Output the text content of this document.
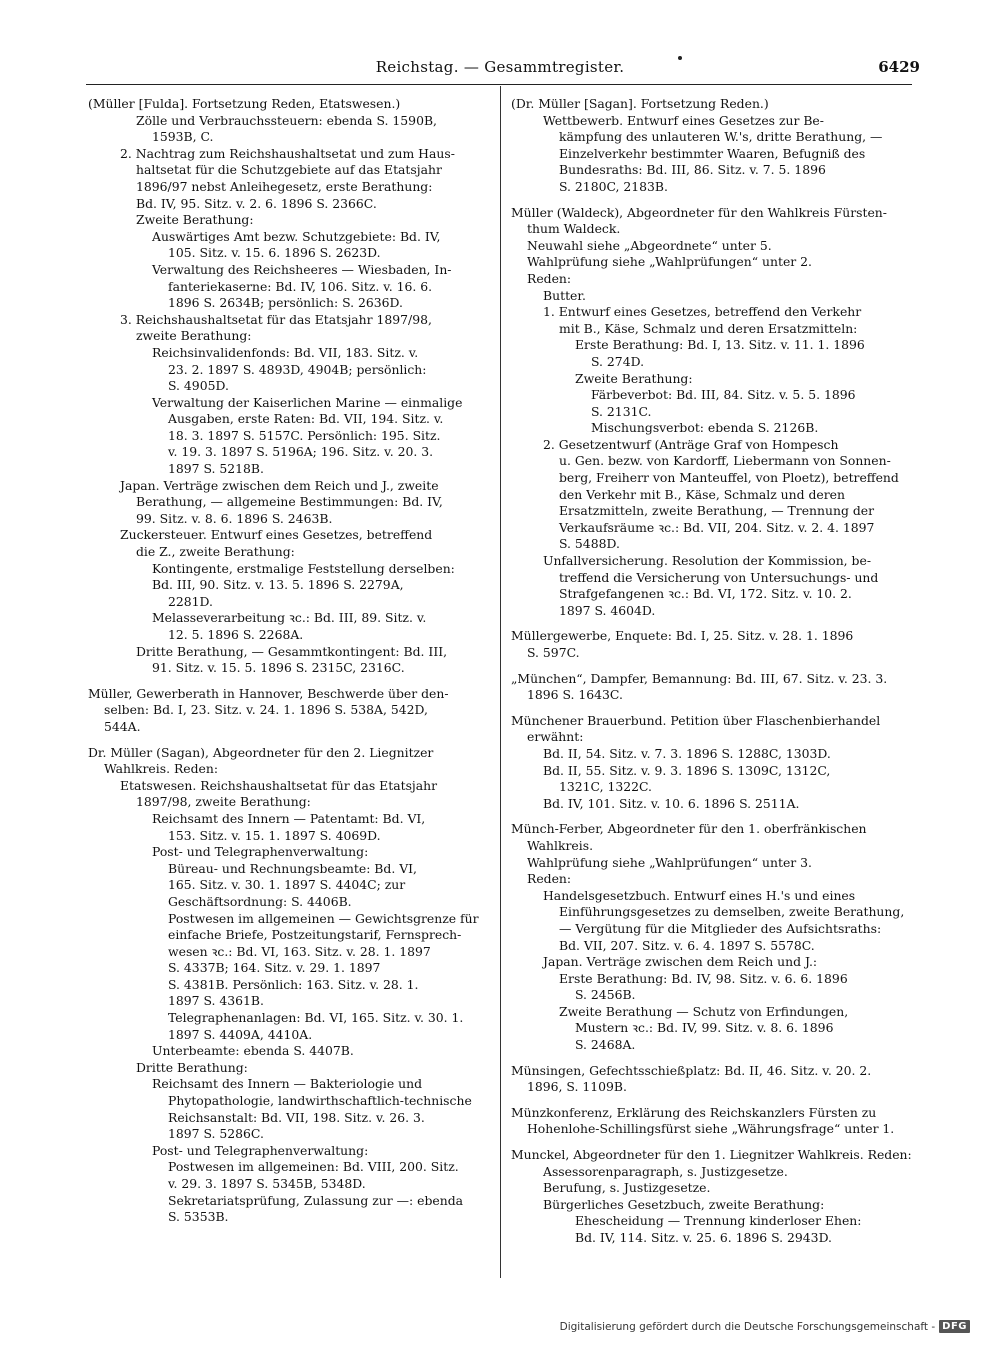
Reichstag. — Gesammtregister.	6429
(Müller [Fulda]. Fortsetzung Reden, Etatswesen.)
Zölle und Verbrauchssteuern: ebenda S. 1590B,
1593B, C.
2. Nachtrag zum Reichshaushaltsetat und zum Haus-
haltsetat für die Schutzgebiete auf das Etatsjahr
1896/97 nebst Anleihegesetz, erste Berathung:
Bd. IV, 95. Sitz. v. 2. 6. 1896 S. 2366C.
Zweite Berathung:
Auswärtiges Amt bezw. Schutzgebiete: Bd. IV,
105. Sitz. v. 15. 6. 1896 S. 2623D.
Verwaltung des Reichsheeres — Wiesbaden, In-
fanteriekaserne: Bd. IV, 106. Sitz. v. 16. 6.
1896 S. 2634B; persönlich: S. 2636D.
3. Reichshaushaltsetat für das Etatsjahr 1897/98,
zweite Berathung:
Reichsinvalidenfonds: Bd. VII, 183. Sitz. v.
23. 2. 1897 S. 4893D, 4904B; persönlich:
S. 4905D.
Verwaltung der Kaiserlichen Marine — einmalige
Ausgaben, erste Raten: Bd. VII, 194. Sitz. v.
18. 3. 1897 S. 5157C. Persönlich: 195. Sitz.
v. 19. 3. 1897 S. 5196A; 196. Sitz. v. 20. 3.
1897 S. 5218B.
Japan. Verträge zwischen dem Reich und J., zweite
Berathung, — allgemeine Bestimmungen: Bd. IV,
99. Sitz. v. 8. 6. 1896 S. 2463B.
Zuckersteuer. Entwurf eines Gesetzes, betreffend
die Z., zweite Berathung:
Kontingente, erstmalige Feststellung derselben:
Bd. III, 90. Sitz. v. 13. 5. 1896 S. 2279A,
2281D.
Melasseverarbeitung ꝛc.: Bd. III, 89. Sitz. v.
12. 5. 1896 S. 2268A.
Dritte Berathung, — Gesammtkontingent: Bd. III,
91. Sitz. v. 15. 5. 1896 S. 2315C, 2316C.
Müller, Gewerberath in Hannover, Beschwerde über den-
selben: Bd. I, 23. Sitz. v. 24. 1. 1896 S. 538A, 542D,
544A.
Dr. Müller (Sagan), Abgeordneter für den 2. Liegnitzer
Wahlkreis. Reden:
Etatswesen. Reichshaushaltsetat für das Etatsjahr
1897/98, zweite Berathung:
Reichsamt des Innern — Patentamt: Bd. VI,
153. Sitz. v. 15. 1. 1897 S. 4069D.
Post- und Telegraphenverwaltung:
Büreau- und Rechnungsbeamte: Bd. VI,
165. Sitz. v. 30. 1. 1897 S. 4404C; zur
Geschäftsordnung: S. 4406B.
Postwesen im allgemeinen — Gewichtsgrenze für
einfache Briefe, Postzeitungstarif, Fernsprech-
wesen ꝛc.: Bd. VI, 163. Sitz. v. 28. 1. 1897
S. 4337B; 164. Sitz. v. 29. 1. 1897
S. 4381B. Persönlich: 163. Sitz. v. 28. 1.
1897 S. 4361B.
Telegraphenanlagen: Bd. VI, 165. Sitz. v. 30. 1.
1897 S. 4409A, 4410A.
Unterbeamte: ebenda S. 4407B.
Dritte Berathung:
Reichsamt des Innern — Bakteriologie und
Phytopathologie, landwirthschaftlich-technische
Reichsanstalt: Bd. VII, 198. Sitz. v. 26. 3.
1897 S. 5286C.
Post- und Telegraphenverwaltung:
Postwesen im allgemeinen: Bd. VIII, 200. Sitz.
v. 29. 3. 1897 S. 5345B, 5348D.
Sekretariatsprüfung, Zulassung zur —: ebenda
S. 5353B.
(Dr. Müller [Sagan]. Fortsetzung Reden.)
Wettbewerb. Entwurf eines Gesetzes zur Be-
kämpfung des unlauteren W.'s, dritte Berathung, —
Einzelverkehr bestimmter Waaren, Befugniß des
Bundesraths: Bd. III, 86. Sitz. v. 7. 5. 1896
S. 2180C, 2183B.
Müller (Waldeck), Abgeordneter für den Wahlkreis Fürsten-
thum Waldeck.
Neuwahl siehe „Abgeordnete“ unter 5.
Wahlprüfung siehe „Wahlprüfungen“ unter 2.
Reden:
Butter.
1. Entwurf eines Gesetzes, betreffend den Verkehr
mit B., Käse, Schmalz und deren Ersatzmitteln:
Erste Berathung: Bd. I, 13. Sitz. v. 11. 1. 1896
S. 274D.
Zweite Berathung:
Färbeverbot: Bd. III, 84. Sitz. v. 5. 5. 1896
S. 2131C.
Mischungsverbot: ebenda S. 2126B.
2. Gesetzentwurf (Anträge Graf von Hompesch
u. Gen. bezw. von Kardorff, Liebermann von Sonnen-
berg, Freiherr von Manteuffel, von Ploetz), betreffend
den Verkehr mit B., Käse, Schmalz und deren
Ersatzmitteln, zweite Berathung, — Trennung der
Verkaufsräume ꝛc.: Bd. VII, 204. Sitz. v. 2. 4. 1897
S. 5488D.
Unfallversicherung. Resolution der Kommission, be-
treffend die Versicherung von Untersuchungs- und
Strafgefangenen ꝛc.: Bd. VI, 172. Sitz. v. 10. 2.
1897 S. 4604D.
Müllergewerbe, Enquete: Bd. I, 25. Sitz. v. 28. 1. 1896
S. 597C.
„München“, Dampfer, Bemannung: Bd. III, 67. Sitz. v. 23. 3.
1896 S. 1643C.
Münchener Brauerbund. Petition über Flaschenbierhandel
erwähnt:
Bd. II, 54. Sitz. v. 7. 3. 1896 S. 1288C, 1303D.
Bd. II, 55. Sitz. v. 9. 3. 1896 S. 1309C, 1312C,
1321C, 1322C.
Bd. IV, 101. Sitz. v. 10. 6. 1896 S. 2511A.
Münch-Ferber, Abgeordneter für den 1. oberfränkischen
Wahlkreis.
Wahlprüfung siehe „Wahlprüfungen“ unter 3.
Reden:
Handelsgesetzbuch. Entwurf eines H.'s und eines
Einführungsgesetzes zu demselben, zweite Berathung,
— Vergütung für die Mitglieder des Aufsichtsraths:
Bd. VII, 207. Sitz. v. 6. 4. 1897 S. 5578C.
Japan. Verträge zwischen dem Reich und J.:
Erste Berathung: Bd. IV, 98. Sitz. v. 6. 6. 1896
S. 2456B.
Zweite Berathung — Schutz von Erfindungen,
Mustern ꝛc.: Bd. IV, 99. Sitz. v. 8. 6. 1896
S. 2468A.
Münsingen, Gefechtsschießplatz: Bd. II, 46. Sitz. v. 20. 2.
1896, S. 1109B.
Münzkonferenz, Erklärung des Reichskanzlers Fürsten zu
Hohenlohe-Schillingsfürst siehe „Währungsfrage“ unter 1.
Munckel, Abgeordneter für den 1. Liegnitzer Wahlkreis. Reden:
Assessorenparagraph, s. Justizgesetze.
Berufung, s. Justizgesetze.
Bürgerliches Gesetzbuch, zweite Berathung:
Ehescheidung — Trennung kinderloser Ehen:
Bd. IV, 114. Sitz. v. 25. 6. 1896 S. 2943D.
Digitalisierung gefördert durch die Deutsche Forschungsgemeinschaft - DFG
